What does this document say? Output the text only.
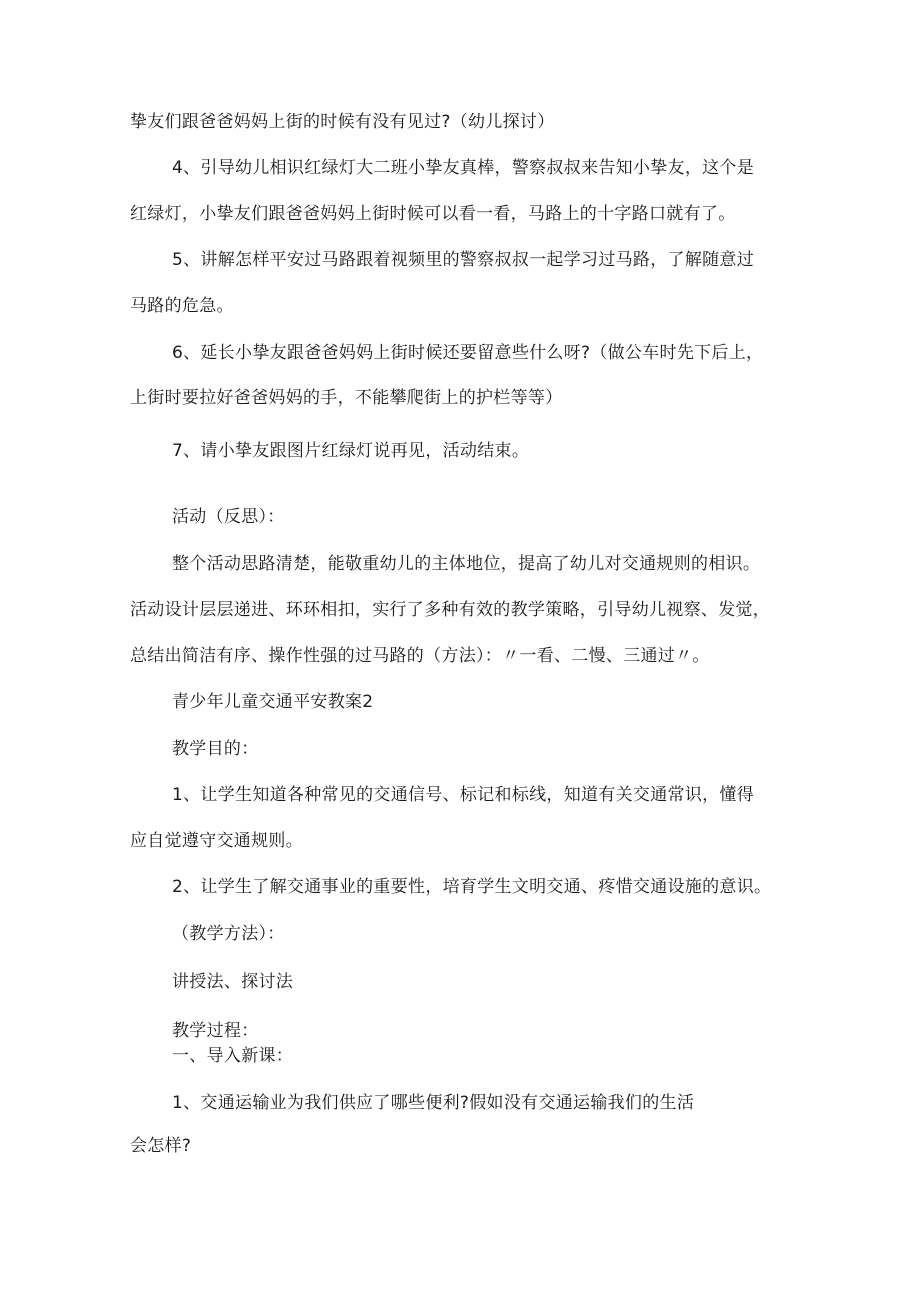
挚友们跟爸爸妈妈上街的时候有没有见过?（幼儿探讨）
4、引导幼儿相识红绿灯大二班小挚友真棒，警察叔叔来告知小挚友，这个是
红绿灯，小挚友们跟爸爸妈妈上街时候可以看一看，马路上的十字路口就有了。
5、讲解怎样平安过马路跟着视频里的警察叔叔一起学习过马路，了解随意过
马路的危急。
6、延长小挚友跟爸爸妈妈上街时候还要留意些什么呀?（做公车时先下后上，
上街时要拉好爸爸妈妈的手，不能攀爬街上的护栏等等）
7、请小挚友跟图片红绿灯说再见，活动结束。
活动（反思）：
整个活动思路清楚，能敬重幼儿的主体地位，提高了幼儿对交通规则的相识。
活动设计层层递进、环环相扣，实行了多种有效的教学策略，引导幼儿视察、发觉，
总结出简洁有序、操作性强的过马路的（方法）：〃一看、二慢、三通过〃。
青少年儿童交通平安教案2
教学目的：
1、让学生知道各种常见的交通信号、标记和标线，知道有关交通常识，懂得
应自觉遵守交通规则。
2、让学生了解交通事业的重要性，培育学生文明交通、疼惜交通设施的意识。
（教学方法）：
讲授法、探讨法
教学过程：
一、导入新课：
1、交通运输业为我们供应了哪些便利?假如没有交通运输我们的生活
会怎样?
